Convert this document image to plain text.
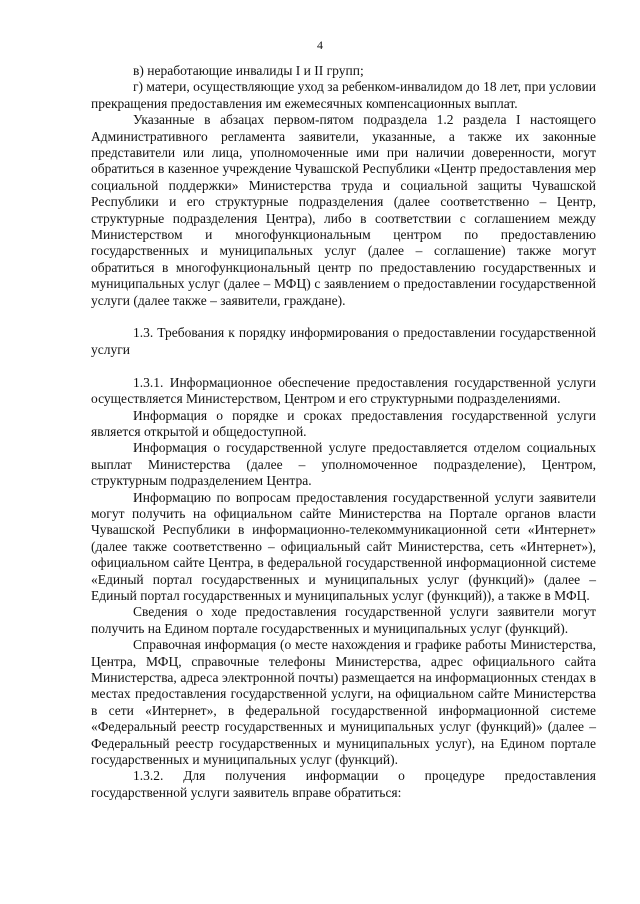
4

в) неработающие инвалиды I и II групп;

г) матери, осуществляющие уход за ребенком-инвалидом до 18 лет, при условии прекращения предоставления им ежемесячных компенсационных выплат.

Указанные в абзацах первом-пятом подраздела 1.2 раздела I настоящего Административного регламента заявители, указанные, а также их законные представители или лица, уполномоченные ими при наличии доверенности, могут обратиться в казенное учреждение Чувашской Республики «Центр предоставления мер социальной поддержки» Министерства труда и социальной защиты Чувашской Республики и его структурные подразделения (далее соответственно – Центр, структурные подразделения Центра), либо в соответствии с соглашением между Министерством и многофункциональным центром по предоставлению государственных и муниципальных услуг (далее – соглашение) также могут обратиться в многофункциональный центр по предоставлению государственных и муниципальных услуг (далее – МФЦ) с заявлением о предоставлении государственной услуги (далее также – заявители, граждане).

1.3. Требования к порядку информирования о предоставлении государственной услуги

1.3.1. Информационное обеспечение предоставления государственной услуги осуществляется Министерством, Центром и его структурными подразделениями.

Информация о порядке и сроках предоставления государственной услуги является открытой и общедоступной.

Информация о государственной услуге предоставляется отделом социальных выплат Министерства (далее – уполномоченное подразделение), Центром, структурным подразделением Центра.

Информацию по вопросам предоставления государственной услуги заявители могут получить на официальном сайте Министерства на Портале органов власти Чувашской Республики в информационно-телекоммуникационной сети «Интернет» (далее также соответственно – официальный сайт Министерства, сеть «Интернет»), официальном сайте Центра, в федеральной государственной информационной системе «Единый портал государственных и муниципальных услуг (функций)» (далее – Единый портал государственных и муниципальных услуг (функций)), а также в МФЦ.

Сведения о ходе предоставления государственной услуги заявители могут получить на Едином портале государственных и муниципальных услуг (функций).

Справочная информация (о месте нахождения и графике работы Министерства, Центра, МФЦ, справочные телефоны Министерства, адрес официального сайта Министерства, адреса электронной почты) размещается на информационных стендах в местах предоставления государственной услуги, на официальном сайте Министерства в сети «Интернет», в федеральной государственной информационной системе «Федеральный реестр государственных и муниципальных услуг (функций)» (далее – Федеральный реестр государственных и муниципальных услуг), на Едином портале государственных и муниципальных услуг (функций).

1.3.2. Для получения информации о процедуре предоставления государственной услуги заявитель вправе обратиться:
